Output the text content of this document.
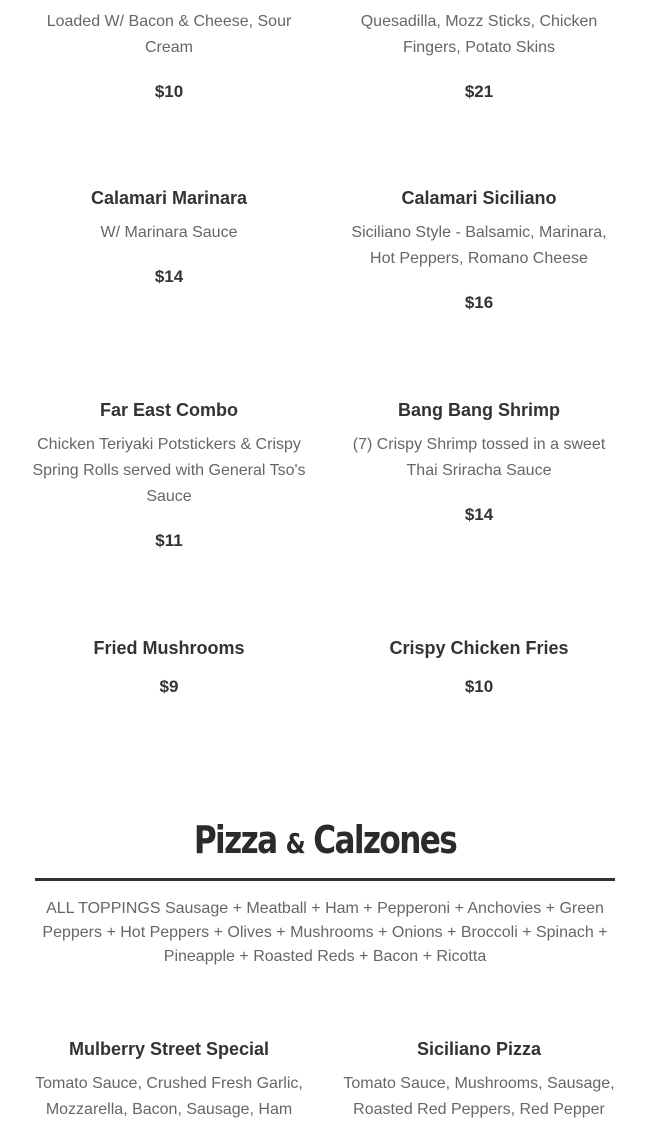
Loaded W/ Bacon & Cheese, Sour Cream

$10

Quesadilla, Mozz Sticks, Chicken Fingers, Potato Skins

$21

Calamari Marinara

W/ Marinara Sauce

$14

Calamari Siciliano

Siciliano Style - Balsamic, Marinara, Hot Peppers, Romano Cheese

$16

Far East Combo

Chicken Teriyaki Potstickers & Crispy Spring Rolls served with General Tso's Sauce

$11

Bang Bang Shrimp

(7) Crispy Shrimp tossed in a sweet Thai Sriracha Sauce

$14

Fried Mushrooms

$9

Crispy Chicken Fries

$10

Pizza & Calzones

ALL TOPPINGS Sausage + Meatball + Ham + Pepperoni + Anchovies + Green Peppers + Hot Peppers + Olives + Mushrooms + Onions + Broccoli + Spinach + Pineapple + Roasted Reds + Bacon + Ricotta

Mulberry Street Special

Tomato Sauce, Crushed Fresh Garlic, Mozzarella, Bacon, Sausage, Ham

Siciliano Pizza

Tomato Sauce, Mushrooms, Sausage, Roasted Red Peppers, Red Pepper
